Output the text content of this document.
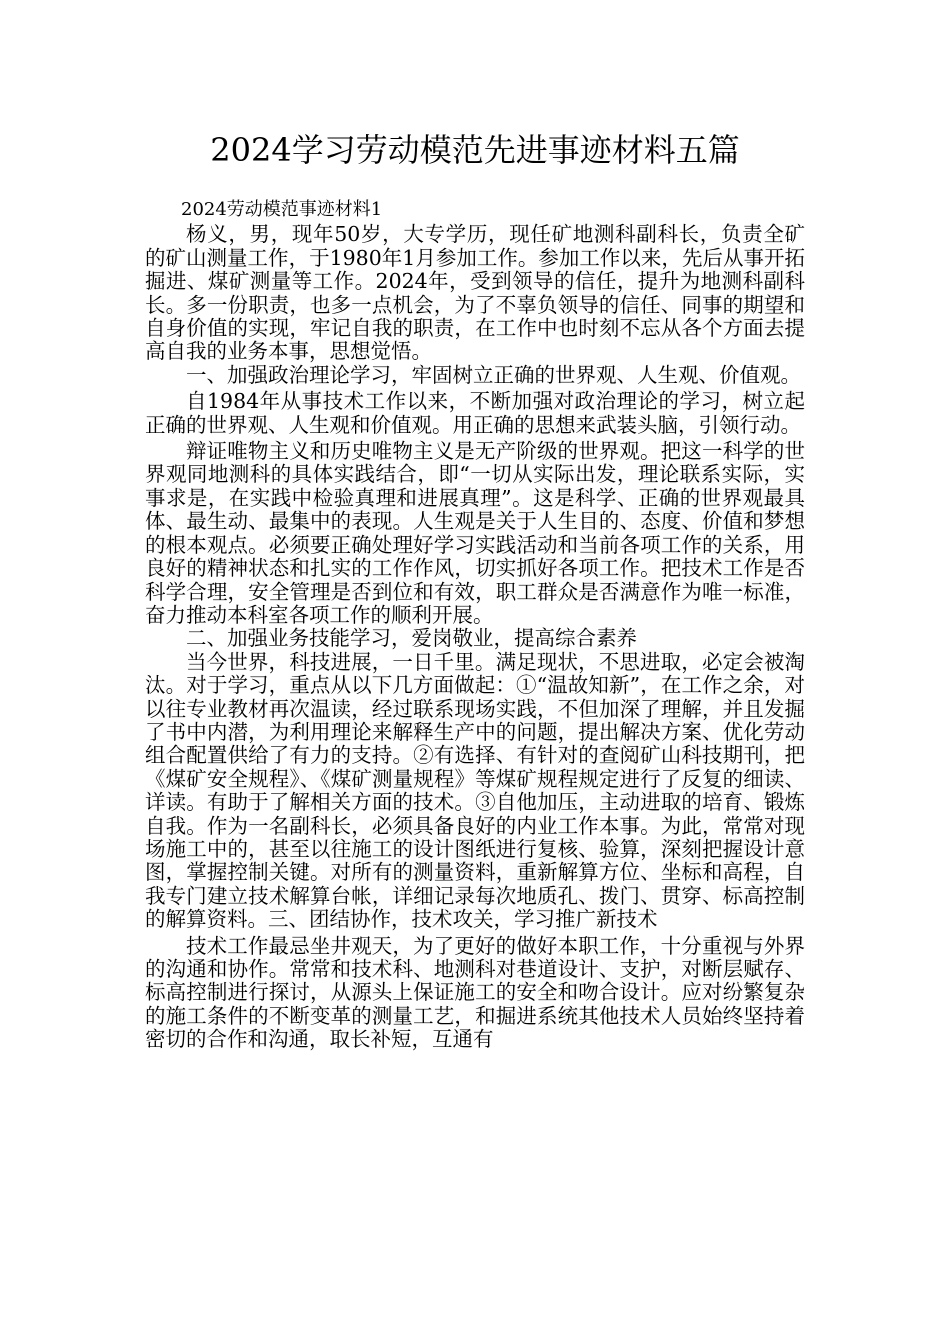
2024学习劳动模范先进事迹材料五篇

2024劳动模范事迹材料1

杨义，男，现年50岁，大专学历，现任矿地测科副科长，负责全矿的矿山测量工作，于1980年1月参加工作。参加工作以来，先后从事开拓掘进、煤矿测量等工作。2024年，受到领导的信任，提升为地测科副科长。多一份职责，也多一点机会，为了不辜负领导的信任、同事的期望和自身价值的实现，牢记自我的职责，在工作中也时刻不忘从各个方面去提高自我的业务本事，思想觉悟。

一、加强政治理论学习，牢固树立正确的世界观、人生观、价值观。

自1984年从事技术工作以来，不断加强对政治理论的学习，树立起正确的世界观、人生观和价值观。用正确的思想来武装头脑，引领行动。

辩证唯物主义和历史唯物主义是无产阶级的世界观。把这一科学的世界观同地测科的具体实践结合，即“一切从实际出发，理论联系实际，实事求是，在实践中检验真理和进展真理”。这是科学、正确的世界观最具体、最生动、最集中的表现。人生观是关于人生目的、态度、价值和梦想的根本观点。必须要正确处理好学习实践活动和当前各项工作的关系，用良好的精神状态和扎实的工作作风，切实抓好各项工作。把技术工作是否科学合理，安全管理是否到位和有效，职工群众是否满意作为唯一标准，奋力推动本科室各项工作的顺利开展。

二、加强业务技能学习，爱岗敬业，提高综合素养

当今世界，科技进展，一日千里。满足现状，不思进取，必定会被淘汰。对于学习，重点从以下几方面做起：①“温故知新”，在工作之余，对以往专业教材再次温读，经过联系现场实践，不但加深了理解，并且发掘了书中内潜，为利用理论来解释生产中的问题，提出解决方案、优化劳动组合配置供给了有力的支持。②有选择、有针对的查阅矿山科技期刊，把《煤矿安全规程》、《煤矿测量规程》等煤矿规程规定进行了反复的细读、详读。有助于了解相关方面的技术。③自他加压，主动进取的培育、锻炼自我。作为一名副科长，必须具备良好的内业工作本事。为此，常常对现场施工中的，甚至以往施工的设计图纸进行复核、验算，深刻把握设计意图，掌握控制关键。对所有的测量资料，重新解算方位、坐标和高程，自我专门建立技术解算台帐，详细记录每次地质孔、拨门、贯穿、标高控制的解算资料。三、团结协作，技术攻关，学习推广新技术

技术工作最忌坐井观天，为了更好的做好本职工作，十分重视与外界的沟通和协作。常常和技术科、地测科对巷道设计、支护，对断层赋存、标高控制进行探讨，从源头上保证施工的安全和吻合设计。应对纷繁复杂的施工条件的不断变革的测量工艺，和掘进系统其他技术人员始终坚持着密切的合作和沟通，取长补短，互通有
